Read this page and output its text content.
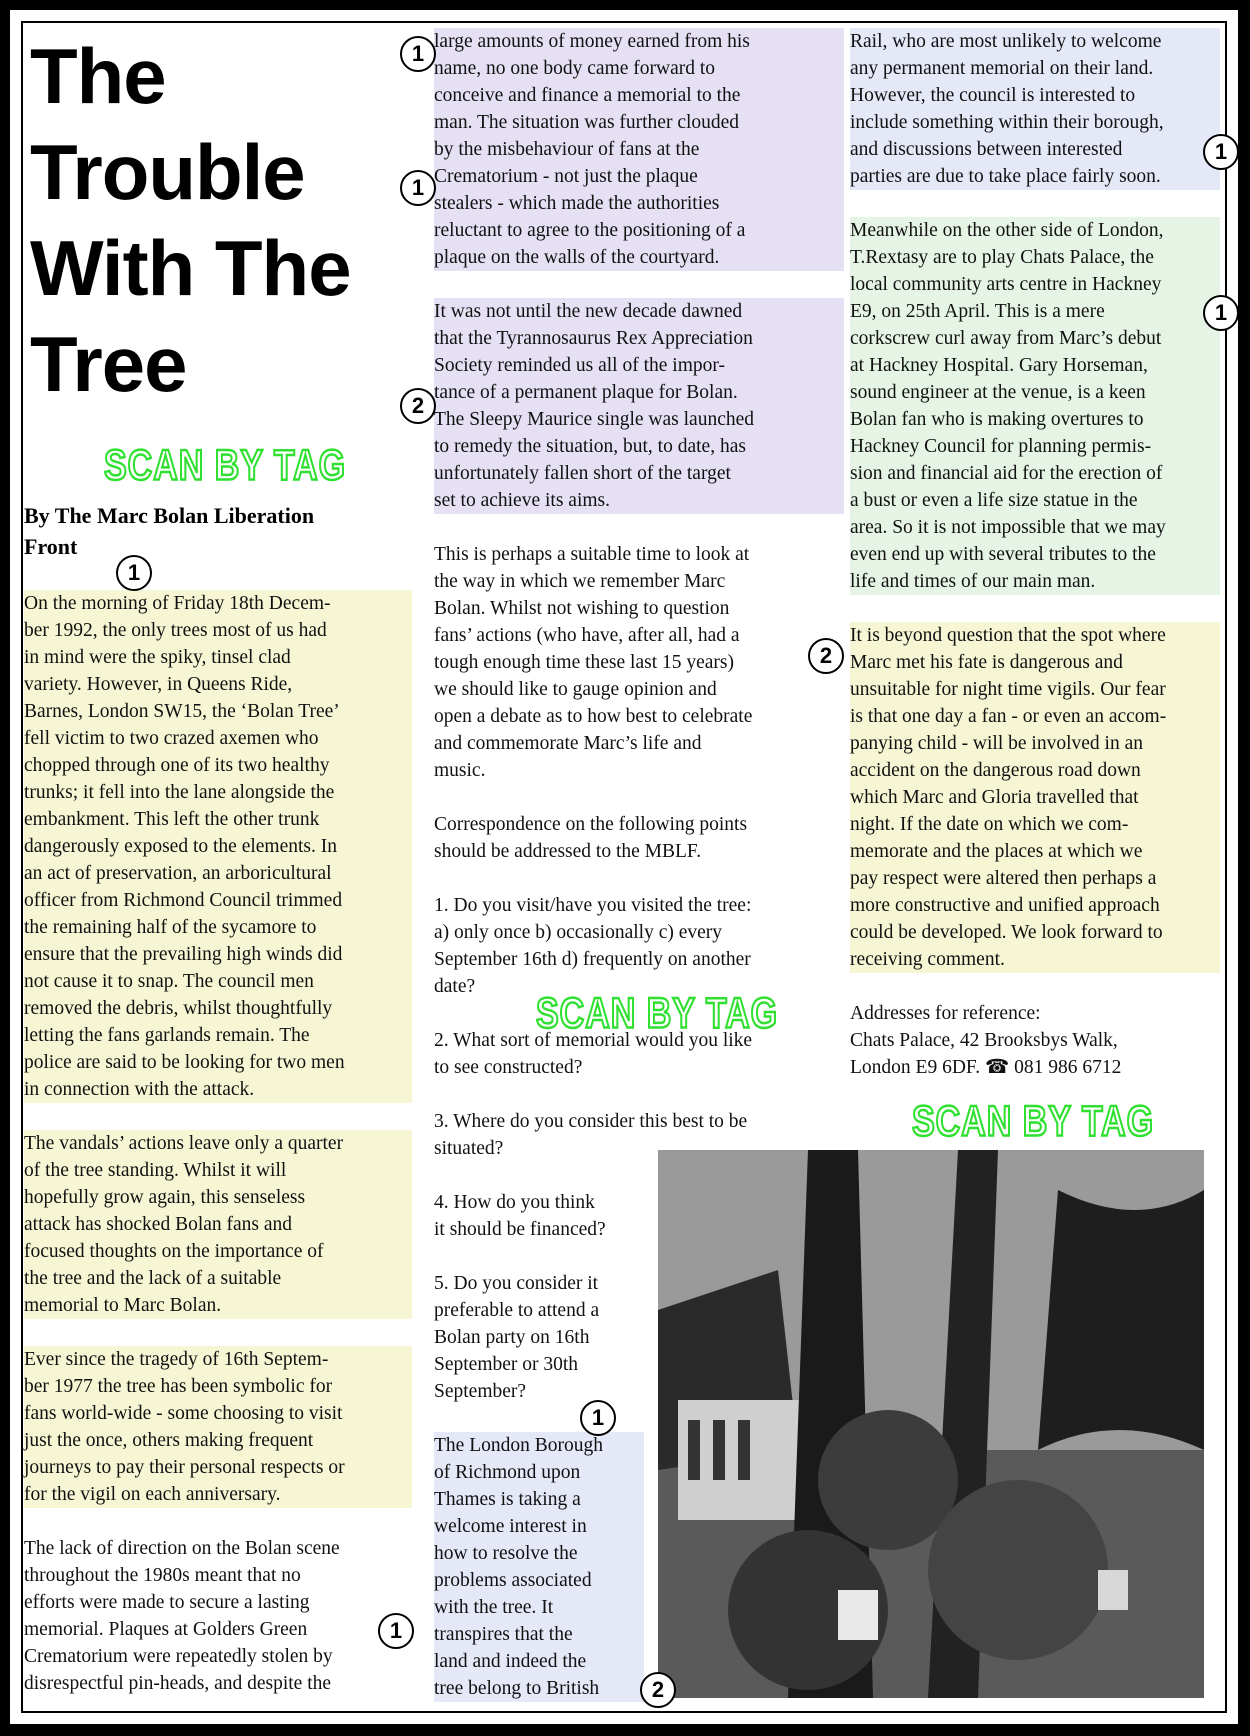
The
Trouble
With The
Tree
SCAN BY TAG
By The Marc Bolan Liberation
Front

On the morning of Friday 18th Decem-
ber 1992, the only trees most of us had
in mind were the spiky, tinsel clad
variety. However, in Queens Ride,
Barnes, London SW15, the ‘Bolan Tree’
fell victim to two crazed axemen who
chopped through one of its two healthy
trunks; it fell into the lane alongside the
embankment. This left the other trunk
dangerously exposed to the elements. In
an act of preservation, an arboricultural
officer from Richmond Council trimmed
the remaining half of the sycamore to
ensure that the prevailing high winds did
not cause it to snap. The council men
removed the debris, whilst thoughtfully
letting the fans garlands remain. The
police are said to be looking for two men
in connection with the attack.

The vandals’ actions leave only a quarter
of the tree standing. Whilst it will
hopefully grow again, this senseless
attack has shocked Bolan fans and
focused thoughts on the importance of
the tree and the lack of a suitable
memorial to Marc Bolan.

Ever since the tragedy of 16th Septem-
ber 1977 the tree has been symbolic for
fans world-wide - some choosing to visit
just the once, others making frequent
journeys to pay their personal respects or
for the vigil on each anniversary.

The lack of direction on the Bolan scene
throughout the 1980s meant that no
efforts were made to secure a lasting
memorial. Plaques at Golders Green
Crematorium were repeatedly stolen by
disrespectful pin-heads, and despite the

large amounts of money earned from his
name, no one body came forward to
conceive and finance a memorial to the
man. The situation was further clouded
by the misbehaviour of fans at the
Crematorium - not just the plaque
stealers - which made the authorities
reluctant to agree to the positioning of a
plaque on the walls of the courtyard.

It was not until the new decade dawned
that the Tyrannosaurus Rex Appreciation
Society reminded us all of the impor-
tance of a permanent plaque for Bolan.
The Sleepy Maurice single was launched
to remedy the situation, but, to date, has
unfortunately fallen short of the target
set to achieve its aims.

This is perhaps a suitable time to look at
the way in which we remember Marc
Bolan. Whilst not wishing to question
fans’ actions (who have, after all, had a
tough enough time these last 15 years)
we should like to gauge opinion and
open a debate as to how best to celebrate
and commemorate Marc’s life and
music.

Correspondence on the following points
should be addressed to the MBLF.

1. Do you visit/have you visited the tree:
a) only once b) occasionally c) every
September 16th d) frequently on another
date?

2. What sort of memorial would you like
to see constructed?

3. Where do you consider this best to be
situated?

4. How do you think
it should be financed?

5. Do you consider it
preferable to attend a
Bolan party on 16th
September or 30th
September?

The London Borough
of Richmond upon
Thames is taking a
welcome interest in
how to resolve the
problems associated
with the tree. It
transpires that the
land and indeed the
tree belong to British

SCAN BY TAG

Rail, who are most unlikely to welcome
any permanent memorial on their land.
However, the council is interested to
include something within their borough,
and discussions between interested
parties are due to take place fairly soon.

Meanwhile on the other side of London,
T.Rextasy are to play Chats Palace, the
local community arts centre in Hackney
E9, on 25th April. This is a mere
corkscrew curl away from Marc’s debut
at Hackney Hospital. Gary Horseman,
sound engineer at the venue, is a keen
Bolan fan who is making overtures to
Hackney Council for planning permis-
sion and financial aid for the erection of
a bust or even a life size statue in the
area. So it is not impossible that we may
even end up with several tributes to the
life and times of our main man.

It is beyond question that the spot where
Marc met his fate is dangerous and
unsuitable for night time vigils. Our fear
is that one day a fan - or even an accom-
panying child - will be involved in an
accident on the dangerous road down
which Marc and Gloria travelled that
night. If the date on which we com-
memorate and the places at which we
pay respect were altered then perhaps a
more constructive and unified approach
could be developed. We look forward to
receiving comment.

Addresses for reference:
Chats Palace, 42 Brooksbys Walk,
London E9 6DF. ☎ 081 986 6712

SCAN BY TAG
1
1
2
1
1
1
2
1
1
2
